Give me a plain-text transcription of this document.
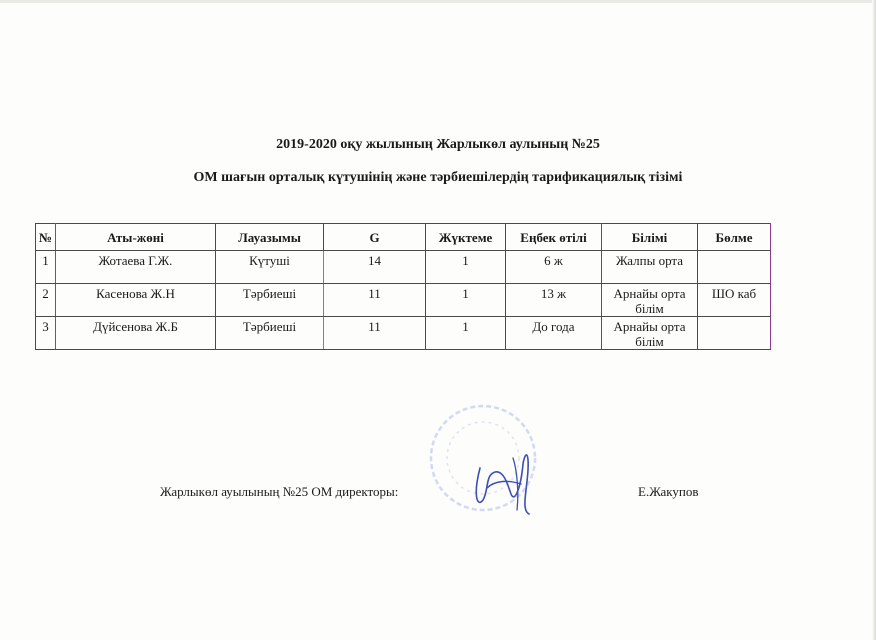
2019-2020 оқу жылының Жарлыкөл аулының №25
ОМ шағын орталық күтушінің және тәрбиешілердің тарификациялық тізімі
№	Аты-жөні	Лауазымы	G	Жүктеме	Еңбек өтілі	Білімі	Бөлме
1	Жотаева Г.Ж.	Күтуші	14	1	6 ж	Жалпы орта	
2	Касенова Ж.Н	Тәрбиеші	11	1	13 ж	Арнайы орта білім	ШО каб
3	Дүйсенова Ж.Б	Тәрбиеші	11	1	До года	Арнайы орта білім	
Жарлыкөл ауылының №25 ОМ директоры:	Е.Жакупов
